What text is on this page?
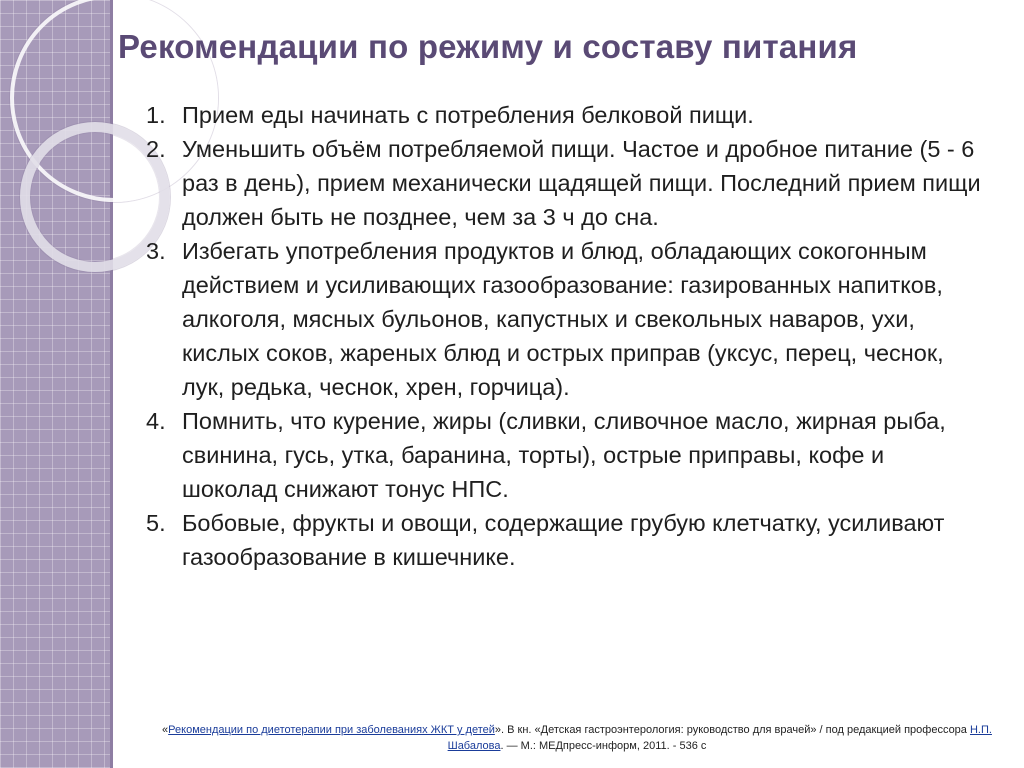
Рекомендации по режиму и составу питания
1. Прием еды начинать с потребления белковой пищи.
2. Уменьшить объём потребляемой пищи. Частое и дробное питание (5 - 6 раз в день), прием механически щадящей пищи. Последний прием пищи должен быть не позднее, чем за 3 ч до сна.
3. Избегать употребления продуктов и блюд, обладающих сокогонным действием и усиливающих газообразование: газированных напитков, алкоголя, мясных бульонов, капустных и свекольных наваров, ухи, кислых соков, жареных блюд и острых приправ (уксус, перец, чеснок, лук, редька, чеснок, хрен, горчица).
4. Помнить, что курение, жиры (сливки, сливочное масло, жирная рыба, свинина, гусь, утка, баранина, торты), острые приправы, кофе и шоколад снижают тонус НПС.
5. Бобовые, фрукты и овощи, содержащие грубую клетчатку, усиливают газообразование в кишечнике.
«Рекомендации по диетотерапии при заболеваниях ЖКТ у детей». В кн. «Детская гастроэнтерология: руководство для врачей» / под редакцией профессора Н.П. Шабалова. — М.: МЕДпресс-информ, 2011. - 536 с
